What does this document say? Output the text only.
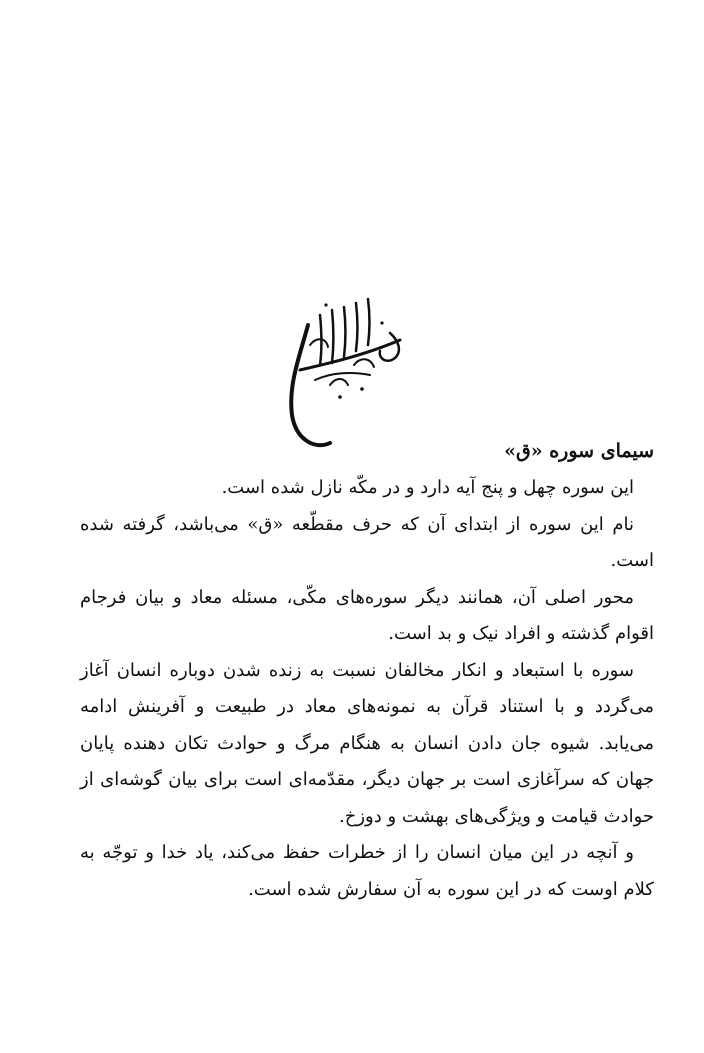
سیمای سوره «ق»

این سوره چهل و پنج آیه دارد و در مکّه نازل شده است.

نام این سوره از ابتدای آن که حرف مقطّعه «ق» می‌باشد، گرفته شده است.

محور اصلی آن، همانند دیگر سوره‌های مکّی، مسئله معاد و بیان فرجام اقوام گذشته و افراد نیک و بد است.

سوره با استبعاد و انکار مخالفان نسبت به زنده شدن دوباره انسان آغاز می‌گردد و با استناد قرآن به نمونه‌های معاد در طبیعت و آفرینش ادامه می‌یابد. شیوه جان دادن انسان به هنگام مرگ و حوادث تکان دهنده پایان جهان که سرآغازی است بر جهان دیگر، مقدّمه‌ای است برای بیان گوشه‌ای از حوادث قیامت و ویژگی‌های بهشت و دوزخ.

و آنچه در این میان انسان را از خطرات حفظ می‌کند، یاد خدا و توجّه به کلام اوست که در این سوره به آن سفارش شده است.
